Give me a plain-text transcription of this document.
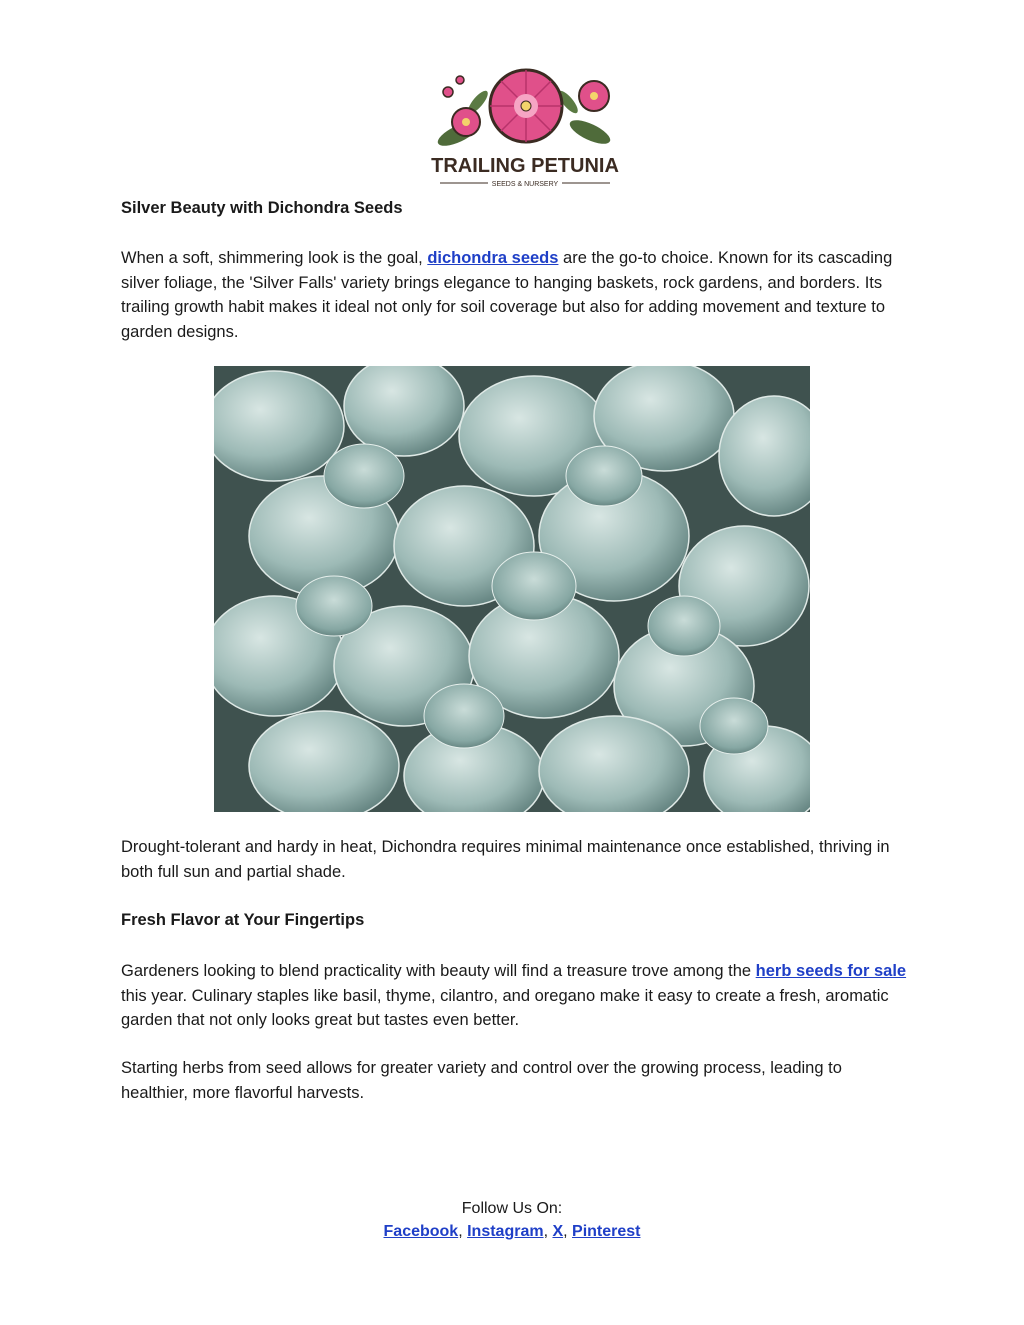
TRAILING PETUNIA
SEEDS & NURSERY
Silver Beauty with Dichondra Seeds
When a soft, shimmering look is the goal, dichondra seeds are the go-to choice. Known for its cascading silver foliage, the 'Silver Falls' variety brings elegance to hanging baskets, rock gardens, and borders. Its trailing growth habit makes it ideal not only for soil coverage but also for adding movement and texture to garden designs.
Drought-tolerant and hardy in heat, Dichondra requires minimal maintenance once established, thriving in both full sun and partial shade.
Fresh Flavor at Your Fingertips
Gardeners looking to blend practicality with beauty will find a treasure trove among the herb seeds for sale this year. Culinary staples like basil, thyme, cilantro, and oregano make it easy to create a fresh, aromatic garden that not only looks great but tastes even better.
Starting herbs from seed allows for greater variety and control over the growing process, leading to healthier, more flavorful harvests.
Follow Us On:
Facebook, Instagram, X, Pinterest
